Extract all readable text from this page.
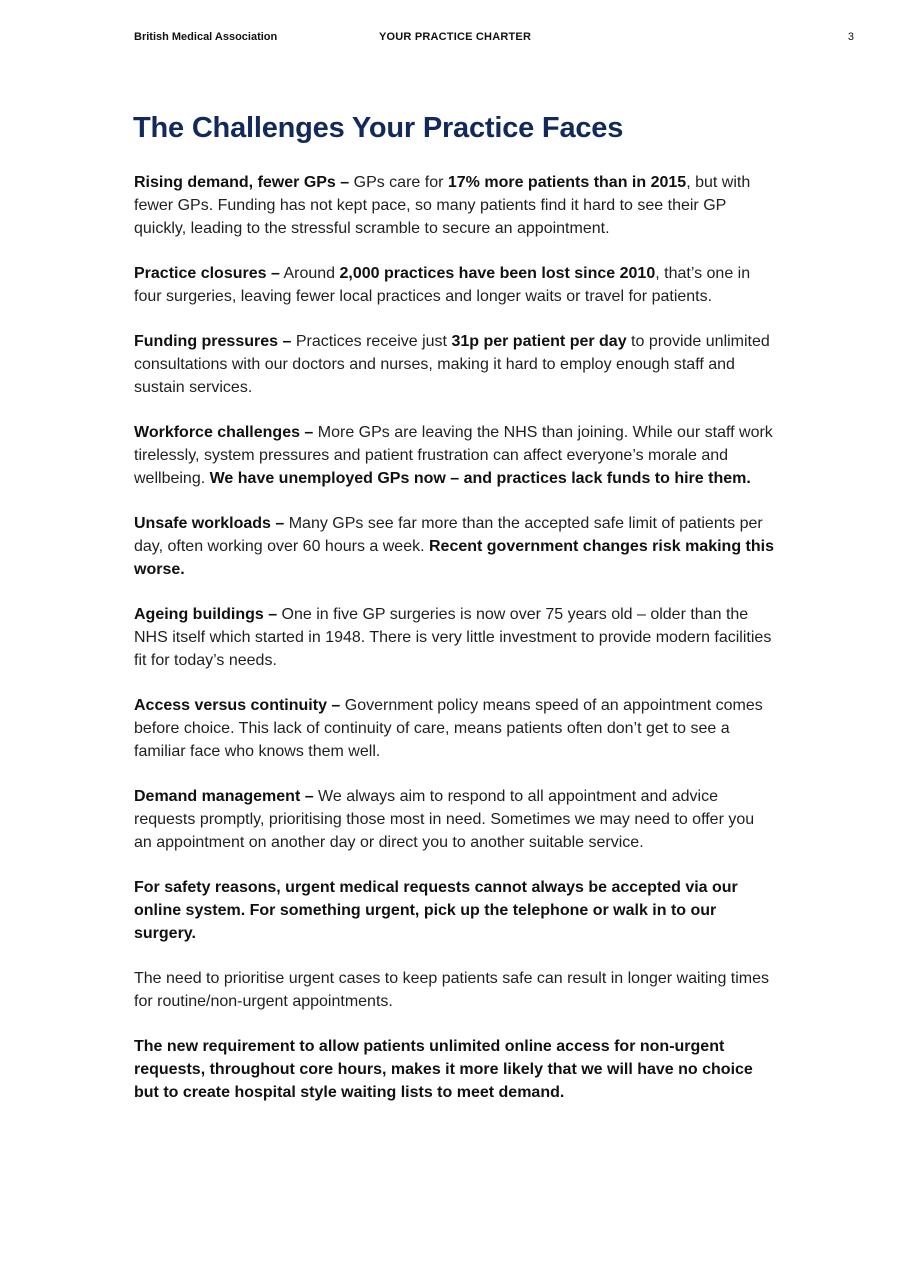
British Medical Association	YOUR PRACTICE CHARTER	3
The Challenges Your Practice Faces

Rising demand, fewer GPs – GPs care for 17% more patients than in 2015, but with fewer GPs. Funding has not kept pace, so many patients find it hard to see their GP quickly, leading to the stressful scramble to secure an appointment.

Practice closures – Around 2,000 practices have been lost since 2010, that’s one in four surgeries, leaving fewer local practices and longer waits or travel for patients.

Funding pressures – Practices receive just 31p per patient per day to provide unlimited consultations with our doctors and nurses, making it hard to employ enough staff and sustain services.

Workforce challenges – More GPs are leaving the NHS than joining. While our staff work tirelessly, system pressures and patient frustration can affect everyone’s morale and wellbeing. We have unemployed GPs now – and practices lack funds to hire them.

Unsafe workloads – Many GPs see far more than the accepted safe limit of patients per day, often working over 60 hours a week. Recent government changes risk making this worse.

Ageing buildings – One in five GP surgeries is now over 75 years old – older than the NHS itself which started in 1948. There is very little investment to provide modern facilities fit for today’s needs.

Access versus continuity – Government policy means speed of an appointment comes before choice. This lack of continuity of care, means patients often don’t get to see a familiar face who knows them well.

Demand management – We always aim to respond to all appointment and advice requests promptly, prioritising those most in need. Sometimes we may need to offer you an appointment on another day or direct you to another suitable service.

For safety reasons, urgent medical requests cannot always be accepted via our online system. For something urgent, pick up the telephone or walk in to our surgery.

The need to prioritise urgent cases to keep patients safe can result in longer waiting times for routine/non-urgent appointments.

The new requirement to allow patients unlimited online access for non-urgent requests, throughout core hours, makes it more likely that we will have no choice but to create hospital style waiting lists to meet demand.
